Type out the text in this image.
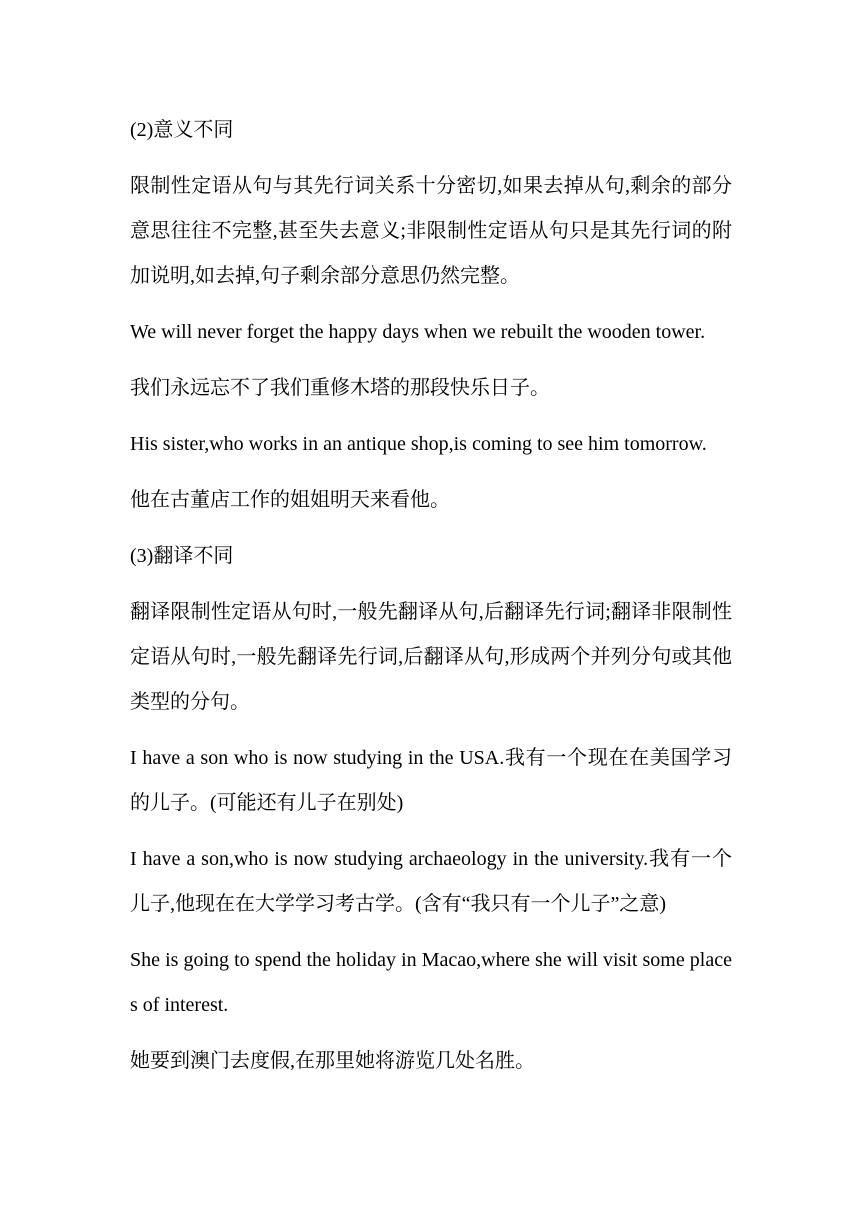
(2)意义不同

限制性定语从句与其先行词关系十分密切,如果去掉从句,剩余的部分意思往往不完整,甚至失去意义;非限制性定语从句只是其先行词的附加说明,如去掉,句子剩余部分意思仍然完整。

We will never forget the happy days when we rebuilt the wooden tower.

我们永远忘不了我们重修木塔的那段快乐日子。

His sister,who works in an antique shop,is coming to see him tomorrow.

他在古董店工作的姐姐明天来看他。

(3)翻译不同

翻译限制性定语从句时,一般先翻译从句,后翻译先行词;翻译非限制性定语从句时,一般先翻译先行词,后翻译从句,形成两个并列分句或其他类型的分句。

I have a son who is now studying in the USA.我有一个现在在美国学习的儿子。(可能还有儿子在别处)

I have a son,who is now studying archaeology in the university.我有一个儿子,他现在在大学学习考古学。(含有“我只有一个儿子”之意)

She is going to spend the holiday in Macao,where she will visit some places of interest.

她要到澳门去度假,在那里她将游览几处名胜。
